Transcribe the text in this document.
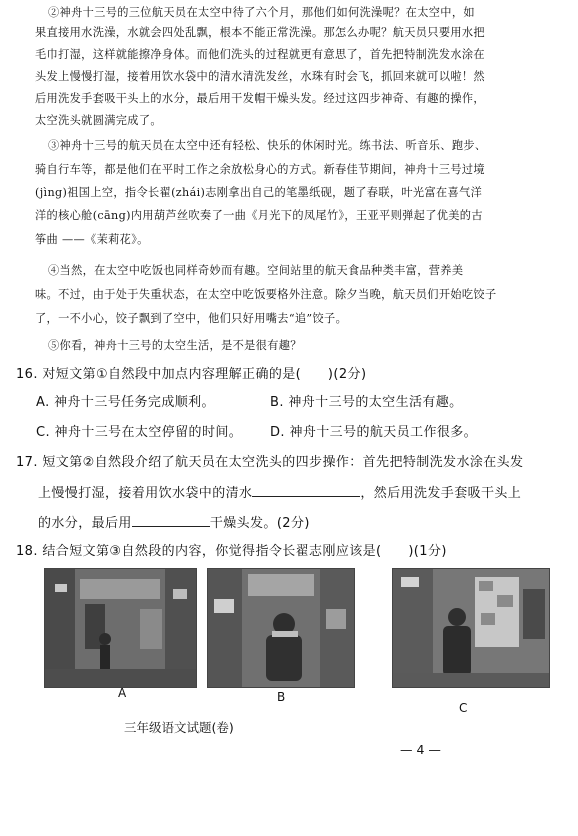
②神舟十三号的三位航天员在太空中待了六个月，那他们如何洗澡呢？在太空中，如
果直接用水洗澡，水就会四处乱飘，根本不能正常洗澡。那怎么办呢？航天员只要用水把
毛巾打湿，这样就能擦净身体。而他们洗头的过程就更有意思了，首先把特制洗发水涂在
头发上慢慢打湿，接着用饮水袋中的清水清洗发丝，水珠有时会飞，抓回来就可以啦！然
后用洗发手套吸干头上的水分，最后用干发帽干燥头发。经过这四步神奇、有趣的操作，
太空洗头就圆满完成了。
③神舟十三号的航天员在太空中还有轻松、快乐的休闲时光。练书法、听音乐、跑步、
骑自行车等，都是他们在平时工作之余放松身心的方式。新春佳节期间，神舟十三号过境
(jìng)祖国上空，指令长翟(zhái)志刚拿出自己的笔墨纸砚，题了春联，叶光富在喜气洋
洋的核心舱(cāng)内用葫芦丝吹奏了一曲《月光下的凤尾竹》，王亚平则弹起了优美的古
筝曲 ——《茉莉花》。
④当然，在太空中吃饭也同样奇妙而有趣。空间站里的航天食品种类丰富，营养美
味。不过，由于处于失重状态，在太空中吃饭要格外注意。除夕当晚，航天员们开始吃饺子
了，一不小心，饺子飘到了空中，他们只好用嘴去“追”饺子。
⑤你看，神舟十三号的太空生活，是不是很有趣？
16. 对短文第①自然段中加点内容理解正确的是(　　)(2分)
A. 神舟十三号任务完成顺利。	B. 神舟十三号的太空生活有趣。
C. 神舟十三号在太空停留的时间。 D. 神舟十三号的航天员工作很多。
17. 短文第②自然段介绍了航天员在太空洗头的四步操作：首先把特制洗发水涂在头发
上慢慢打湿，接着用饮水袋中的清水	，然后用洗发手套吸干头上
的水分，最后用	干燥头发。(2分)
18. 结合短文第③自然段的内容，你觉得指令长翟志刚应该是(　　)(1分)
A	B
C
三年级语文试题(卷)
— 4 —
